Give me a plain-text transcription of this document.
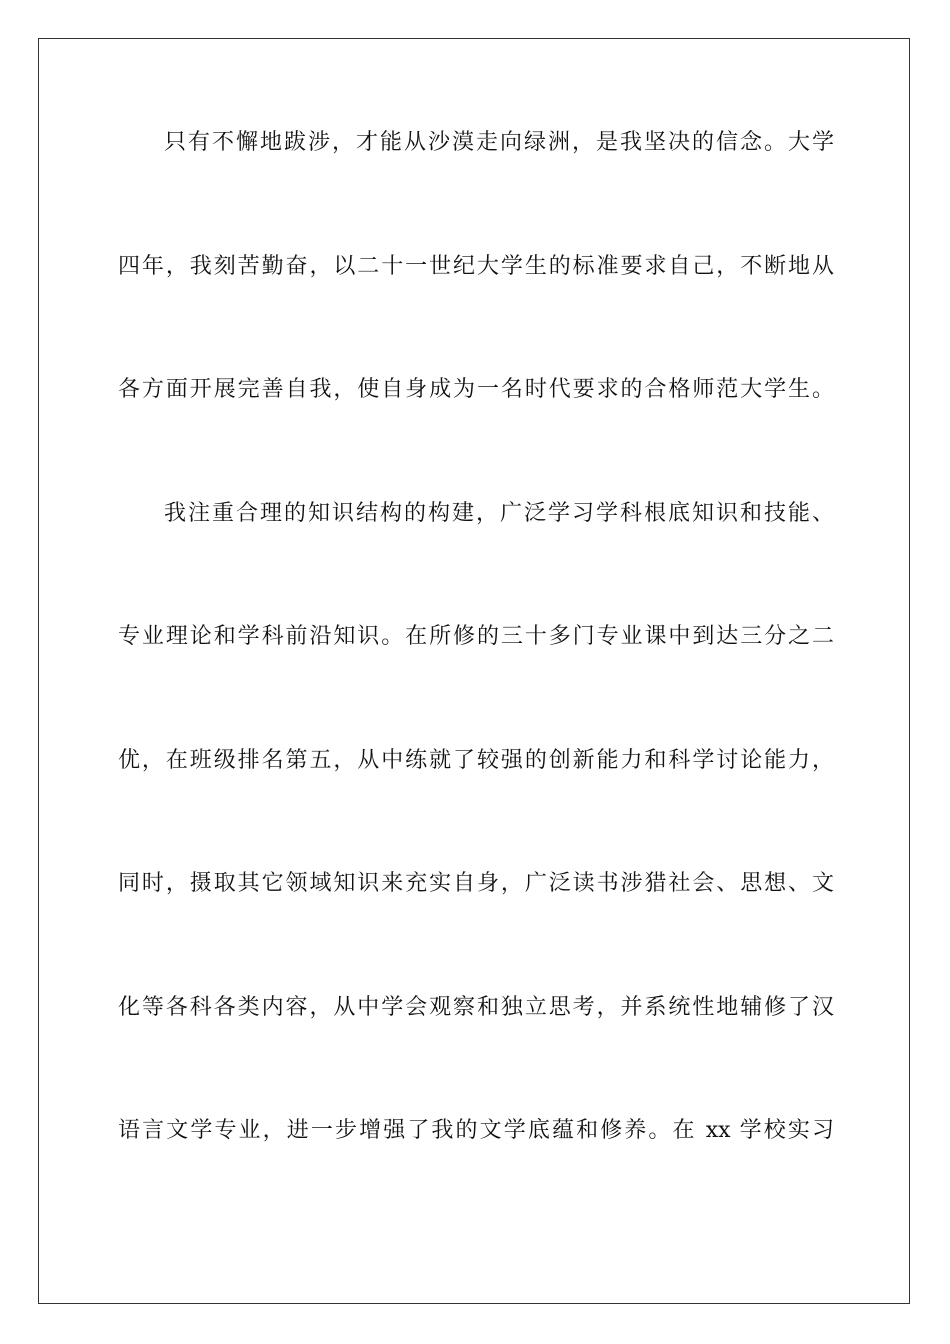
只有不懈地跋涉，才能从沙漠走向绿洲，是我坚决的信念。大学
四年，我刻苦勤奋，以二十一世纪大学生的标准要求自己，不断地从
各方面开展完善自我，使自身成为一名时代要求的合格师范大学生。
我注重合理的知识结构的构建，广泛学习学科根底知识和技能、
专业理论和学科前沿知识。在所修的三十多门专业课中到达三分之二
优，在班级排名第五，从中练就了较强的创新能力和科学讨论能力，
同时，摄取其它领域知识来充实自身，广泛读书涉猎社会、思想、文
化等各科各类内容，从中学会观察和独立思考，并系统性地辅修了汉
语言文学专业，进一步增强了我的文学底蕴和修养。在 xx 学校实习
